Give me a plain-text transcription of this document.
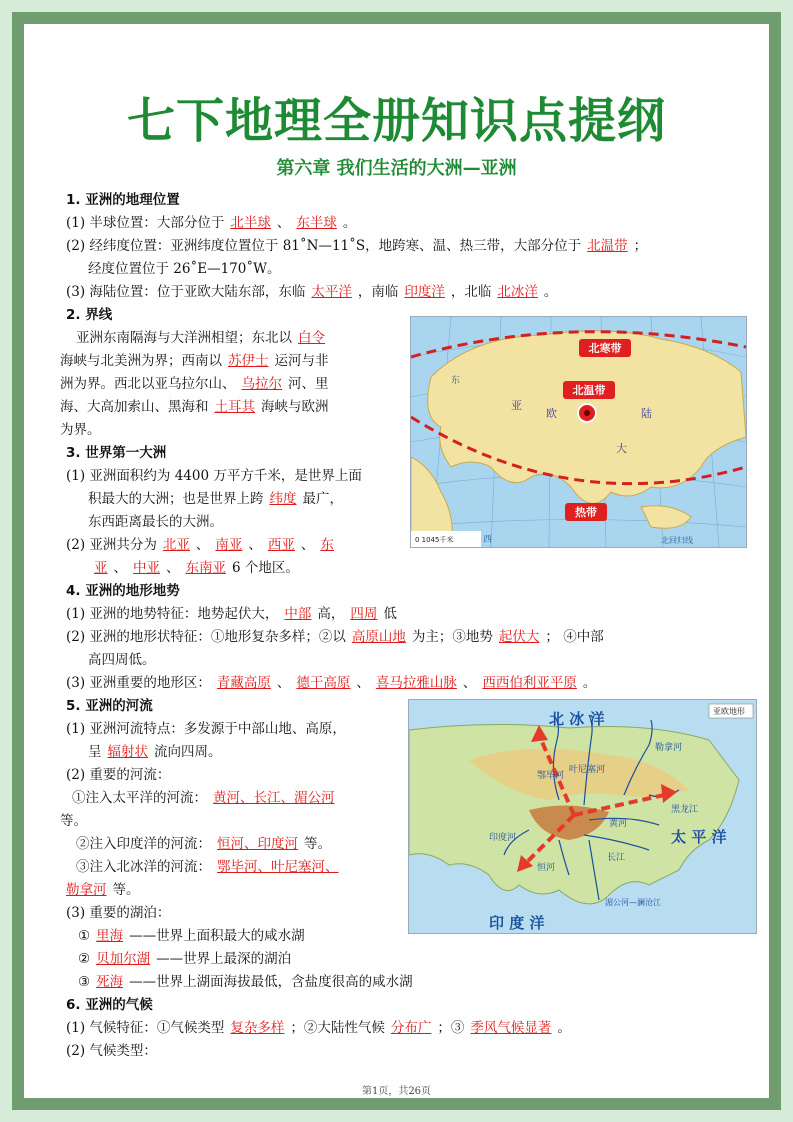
七下地理全册知识点提纲
第六章 我们生活的大洲—亚洲
1. 亚洲的地理位置
(1) 半球位置：大部分位于 北半球 、 东半球 。
(2) 经纬度位置：亚洲纬度位置位于 81˚N—11˚S，地跨寒、温、热三带，大部分位于 北温带 ；
经度位置位于 26˚E—170˚W。
(3) 海陆位置：位于亚欧大陆东部，东临 太平洋 ，南临 印度洋 ，北临 北冰洋 。
2. 界线
亚洲东南隔海与大洋洲相望；东北以 白令
海峡与北美洲为界；西南以 苏伊士 运河与非
洲为界。西北以亚乌拉尔山、 乌拉尔 河、里
海、大高加索山、黑海和 土耳其 海峡与欧洲
为界。
3. 世界第一大洲
(1) 亚洲面积约为 4400 万平方千米，是世界上面
积最大的大洲；也是世界上跨 纬度 最广，
东西距离最长的大洲。
(2) 亚洲共分为 北亚 、 南亚 、 西亚 、 东
亚 、 中亚 、 东南亚 6 个地区。
北寒带
北温带
热带
亚
欧	陆
大
东
西	北回归线
0 1045千米
4. 亚洲的地形地势
(1) 亚洲的地势特征：地势起伏大， 中部 高， 四周 低
(2) 亚洲的地形状特征：①地形复杂多样；②以 高原山地 为主；③地势 起伏大 ； ④中部
高四周低。
(3) 亚洲重要的地形区： 青藏高原 、 德干高原 、 喜马拉雅山脉 、 西西伯利亚平原 。
5. 亚洲的河流
(1) 亚洲河流特点：多发源于中部山地、高原，
呈 辐射状 流向四周。
(2) 重要的河流：
①注入太平洋的河流： 黄河、长江、湄公河
等。
②注入印度洋的河流： 恒河、印度河 等。
③注入北冰洋的河流： 鄂毕河、叶尼塞河、
勒拿河 等。
(3) 重要的湖泊：
① 里海 ——世界上面积最大的咸水湖
② 贝加尔湖 ——世界上最深的湖泊
③ 死海 ——世界上湖面海拔最低，含盐度很高的咸水湖
亚欧地形
北 冰 洋
太 平 洋
印 度 洋
鄂毕河
叶尼塞河
勒拿河
黑龙江
黄河
长江
印度河
恒河
湄公河—澜沧江
6. 亚洲的气候
(1) 气候特征：①气候类型 复杂多样 ；②大陆性气候 分布广 ；③ 季风气候显著 。
(2) 气候类型：
第1页，共26页
